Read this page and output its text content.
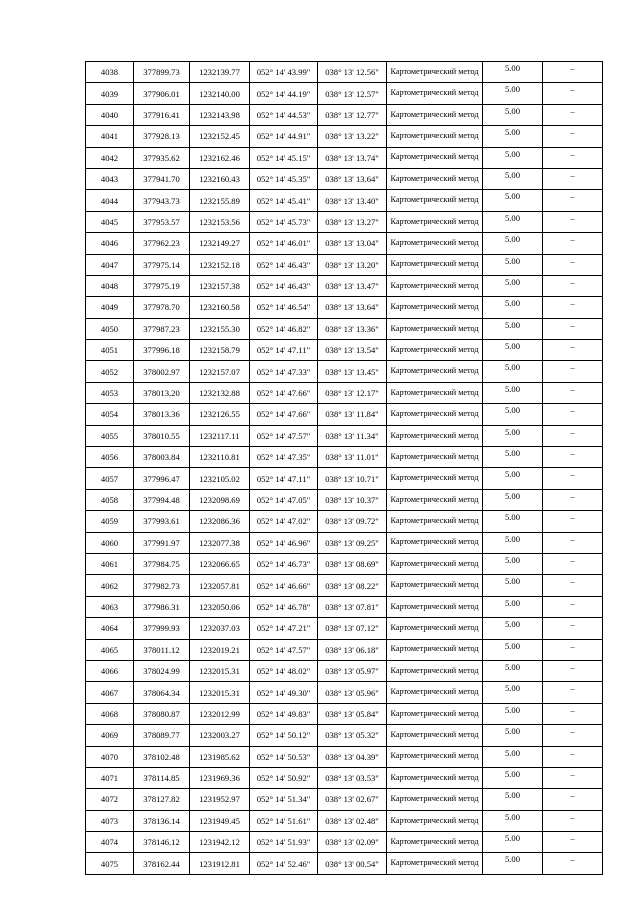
4038	377899.73	1232139.77	052° 14' 43.99"	038° 13' 12.56"	Картометрический метод	5.00	–
4039	377906.01	1232140.00	052° 14' 44.19"	038° 13' 12.57"	Картометрический метод	5.00	–
4040	377916.41	1232143.98	052° 14' 44.53"	038° 13' 12.77"	Картометрический метод	5.00	–
4041	377928.13	1232152.45	052° 14' 44.91"	038° 13' 13.22"	Картометрический метод	5.00	–
4042	377935.62	1232162.46	052° 14' 45.15"	038° 13' 13.74"	Картометрический метод	5.00	–
4043	377941.70	1232160.43	052° 14' 45.35"	038° 13' 13.64"	Картометрический метод	5.00	–
4044	377943.73	1232155.89	052° 14' 45.41"	038° 13' 13.40"	Картометрический метод	5.00	–
4045	377953.57	1232153.56	052° 14' 45.73"	038° 13' 13.27"	Картометрический метод	5.00	–
4046	377962.23	1232149.27	052° 14' 46.01"	038° 13' 13.04"	Картометрический метод	5.00	–
4047	377975.14	1232152.18	052° 14' 46.43"	038° 13' 13.20"	Картометрический метод	5.00	–
4048	377975.19	1232157.38	052° 14' 46.43"	038° 13' 13.47"	Картометрический метод	5.00	–
4049	377978.70	1232160.58	052° 14' 46.54"	038° 13' 13.64"	Картометрический метод	5.00	–
4050	377987.23	1232155.30	052° 14' 46.82"	038° 13' 13.36"	Картометрический метод	5.00	–
4051	377996.18	1232158.79	052° 14' 47.11"	038° 13' 13.54"	Картометрический метод	5.00	–
4052	378002.97	1232157.07	052° 14' 47.33"	038° 13' 13.45"	Картометрический метод	5.00	–
4053	378013.20	1232132.88	052° 14' 47.66"	038° 13' 12.17"	Картометрический метод	5.00	–
4054	378013.36	1232126.55	052° 14' 47.66"	038° 13' 11.84"	Картометрический метод	5.00	–
4055	378010.55	1232117.11	052° 14' 47.57"	038° 13' 11.34"	Картометрический метод	5.00	–
4056	378003.84	1232110.81	052° 14' 47.35"	038° 13' 11.01"	Картометрический метод	5.00	–
4057	377996.47	1232105.02	052° 14' 47.11"	038° 13' 10.71"	Картометрический метод	5.00	–
4058	377994.48	1232098.69	052° 14' 47.05"	038° 13' 10.37"	Картометрический метод	5.00	–
4059	377993.61	1232086.36	052° 14' 47.02"	038° 13' 09.72"	Картометрический метод	5.00	–
4060	377991.97	1232077.38	052° 14' 46.96"	038° 13' 09.25"	Картометрический метод	5.00	–
4061	377984.75	1232066.65	052° 14' 46.73"	038° 13' 08.69"	Картометрический метод	5.00	–
4062	377982.73	1232057.81	052° 14' 46.66"	038° 13' 08.22"	Картометрический метод	5.00	–
4063	377986.31	1232050.06	052° 14' 46.78"	038° 13' 07.81"	Картометрический метод	5.00	–
4064	377999.93	1232037.03	052° 14' 47.21"	038° 13' 07.12"	Картометрический метод	5.00	–
4065	378011.12	1232019.21	052° 14' 47.57"	038° 13' 06.18"	Картометрический метод	5.00	–
4066	378024.99	1232015.31	052° 14' 48.02"	038° 13' 05.97"	Картометрический метод	5.00	–
4067	378064.34	1232015.31	052° 14' 49.30"	038° 13' 05.96"	Картометрический метод	5.00	–
4068	378080.87	1232012.99	052° 14' 49.83"	038° 13' 05.84"	Картометрический метод	5.00	–
4069	378089.77	1232003.27	052° 14' 50.12"	038° 13' 05.32"	Картометрический метод	5.00	–
4070	378102.48	1231985.62	052° 14' 50.53"	038° 13' 04.39"	Картометрический метод	5.00	–
4071	378114.85	1231969.36	052° 14' 50.92"	038° 13' 03.53"	Картометрический метод	5.00	–
4072	378127.82	1231952.97	052° 14' 51.34"	038° 13' 02.67"	Картометрический метод	5.00	–
4073	378136.14	1231949.45	052° 14' 51.61"	038° 13' 02.48"	Картометрический метод	5.00	–
4074	378146.12	1231942.12	052° 14' 51.93"	038° 13' 02.09"	Картометрический метод	5.00	–
4075	378162.44	1231912.81	052° 14' 52.46"	038° 13' 00.54"	Картометрический метод	5.00	–
